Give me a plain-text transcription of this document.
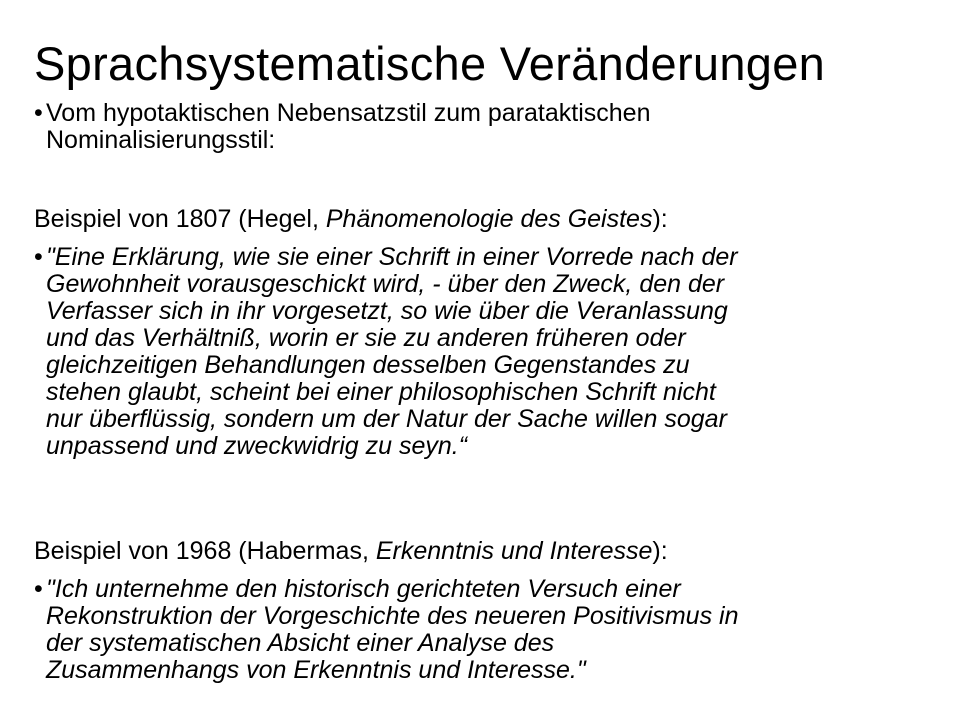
Sprachsystematische Veränderungen
• Vom hypotaktischen Nebensatzstil zum parataktischen
Nominalisierungsstil:
Beispiel von 1807 (Hegel, Phänomenologie des Geistes):
• "Eine Erklärung, wie sie einer Schrift in einer Vorrede nach der
Gewohnheit vorausgeschickt wird, - über den Zweck, den der
Verfasser sich in ihr vorgesetzt, so wie über die Veranlassung
und das Verhältniß, worin er sie zu anderen früheren oder
gleichzeitigen Behandlungen desselben Gegenstandes zu
stehen glaubt, scheint bei einer philosophischen Schrift nicht
nur überflüssig, sondern um der Natur der Sache willen sogar
unpassend und zweckwidrig zu seyn.“
Beispiel von 1968 (Habermas, Erkenntnis und Interesse):
• "Ich unternehme den historisch gerichteten Versuch einer
Rekonstruktion der Vorgeschichte des neueren Positivismus in
der systematischen Absicht einer Analyse des
Zusammenhangs von Erkenntnis und Interesse."
